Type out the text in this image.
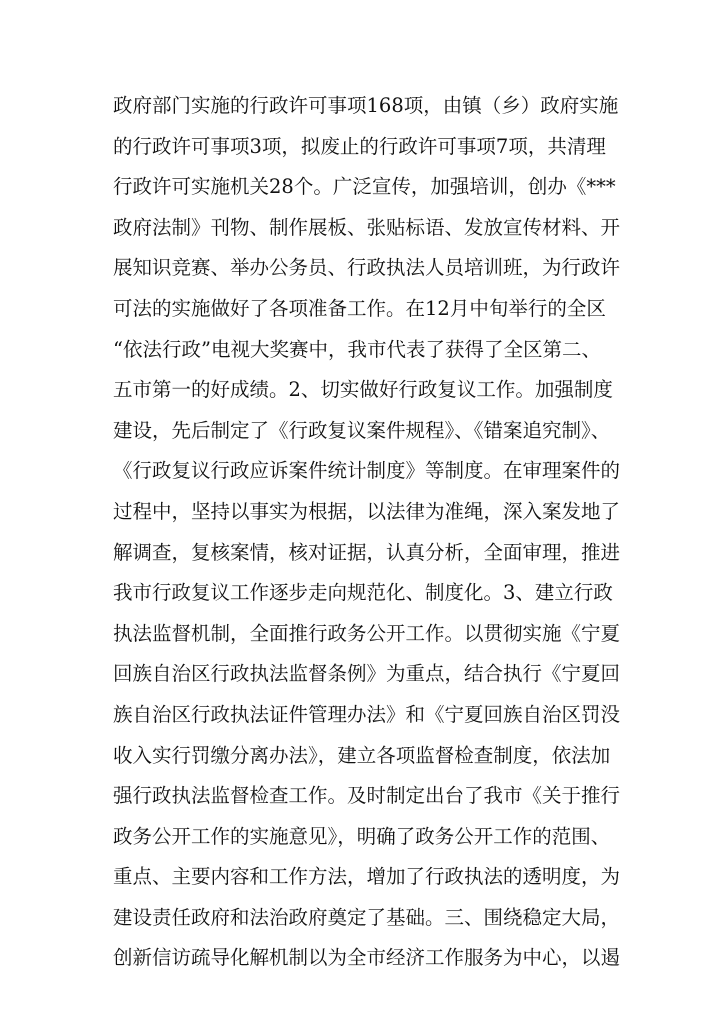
政府部门实施的行政许可事项168项，由镇（乡）政府实施
的行政许可事项3项，拟废止的行政许可事项7项，共清理
行政许可实施机关28个。广泛宣传，加强培训，创办《***
政府法制》刊物、制作展板、张贴标语、发放宣传材料、开
展知识竞赛、举办公务员、行政执法人员培训班，为行政许
可法的实施做好了各项准备工作。在12月中旬举行的全区
“依法行政”电视大奖赛中，我市代表了获得了全区第二、
五市第一的好成绩。2、切实做好行政复议工作。加强制度
建设，先后制定了《行政复议案件规程》、《错案追究制》、
《行政复议行政应诉案件统计制度》等制度。在审理案件的
过程中，坚持以事实为根据，以法律为准绳，深入案发地了
解调查，复核案情，核对证据，认真分析，全面审理，推进
我市行政复议工作逐步走向规范化、制度化。3、建立行政
执法监督机制，全面推行政务公开工作。以贯彻实施《宁夏
回族自治区行政执法监督条例》为重点，结合执行《宁夏回
族自治区行政执法证件管理办法》和《宁夏回族自治区罚没
收入实行罚缴分离办法》，建立各项监督检查制度，依法加
强行政执法监督检查工作。及时制定出台了我市《关于推行
政务公开工作的实施意见》，明确了政务公开工作的范围、
重点、主要内容和工作方法，增加了行政执法的透明度，为
建设责任政府和法治政府奠定了基础。三、围绕稳定大局，
创新信访疏导化解机制以为全市经济工作服务为中心，以遏
